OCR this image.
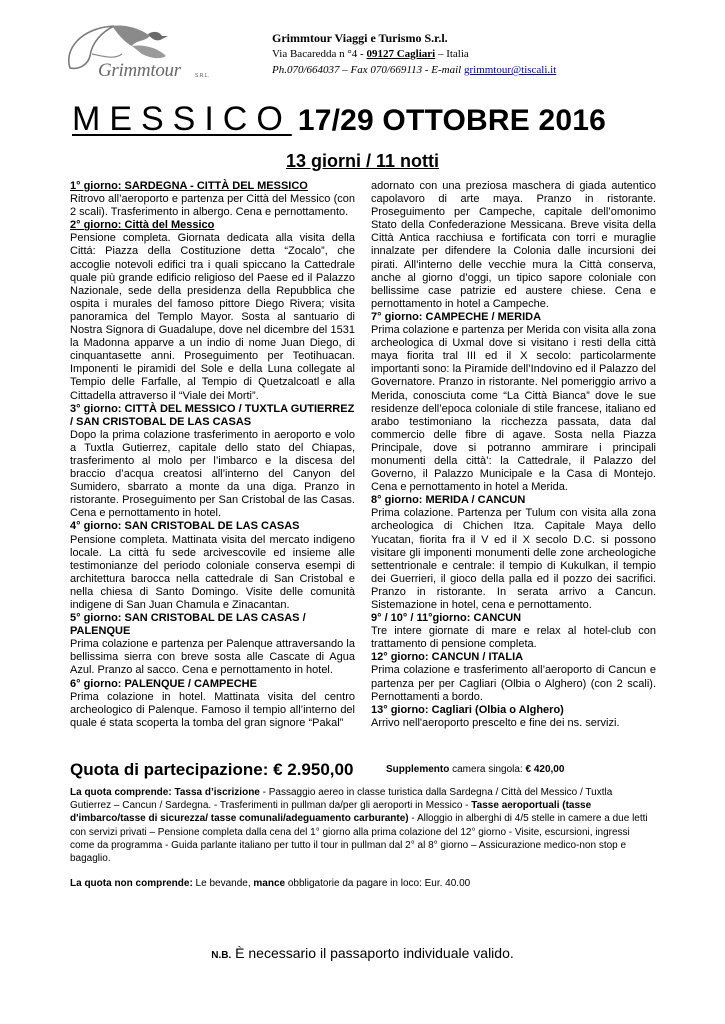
Grimmtour	S.R.L.
Grimmtour Viaggi e Turismo S.r.l.
Via Bacaredda n °4 - 09127 Cagliari – Italia
Ph.070/664037 – Fax 070/669113 - E-mail grimmtour@tiscali.it
MESSICO 17/29 OTTOBRE 2016
13 giorni / 11 notti

1° giorno: SARDEGNA - CITTÀ DEL MESSICO

Ritrovo all’aeroporto e partenza per Città del Messico (con 2 scali). Trasferimento in albergo. Cena e pernottamento.

2° giorno: Città del Messico

Pensione completa. Giornata dedicata alla visita della Cittá: Piazza della Costituzione detta “Zocalo”, che accoglie notevoli edifici tra i quali spiccano la Cattedrale quale più grande edificio religioso del Paese ed il Palazzo Nazionale, sede della presidenza della Repubblica che ospita i murales del famoso pittore Diego Rivera; visita panoramica del Templo Mayor. Sosta al santuario di Nostra Signora di Guadalupe, dove nel dicembre del 1531 la Madonna apparve a un indio di nome Juan Diego, di cinquantasette anni. Proseguimento per Teotihuacan. Imponenti le piramidi del Sole e della Luna collegate al Tempio delle Farfalle, al Tempio di Quetzalcoatl e alla Cittadella attraverso il “Viale dei Morti”.

3° giorno: CITTÀ DEL MESSICO / TUXTLA GUTIERREZ / SAN CRISTOBAL DE LAS CASAS

Dopo la prima colazione trasferimento in aeroporto e volo a Tuxtla Gutierrez, capitale dello stato del Chiapas, trasferimento al molo per l’imbarco e la discesa del braccio d’acqua creatosi all’interno del Canyon del Sumidero, sbarrato a monte da una diga. Pranzo in ristorante. Proseguimento per San Cristobal de las Casas. Cena e pernottamento in hotel.

4° giorno: SAN CRISTOBAL DE LAS CASAS

Pensione completa. Mattinata visita del mercato indigeno locale. La città fu sede arcivescovile ed insieme alle testimonianze del periodo coloniale conserva esempi di architettura barocca nella cattedrale di San Cristobal e nella chiesa di Santo Domingo. Visite delle comunità indigene di San Juan Chamula e Zinacantan.

5° giorno: SAN CRISTOBAL DE LAS CASAS / PALENQUE

Prima colazione e partenza per Palenque attraversando la bellissima sierra con breve sosta alle Cascate di Agua Azul. Pranzo al sacco. Cena e pernottamento in hotel.

6° giorno: PALENQUE / CAMPECHE

Prima colazione in hotel. Mattinata visita del centro archeologico di Palenque. Famoso il tempio all’interno del quale é stata scoperta la tomba del gran signore “Pakal”

adornato con una preziosa maschera di giada autentico capolavoro di arte maya. Pranzo in ristorante. Proseguimento per Campeche, capitale dell’omonimo Stato della Confederazione Messicana. Breve visita della Città Antica racchiusa e fortificata con torri e muraglie innalzate per difendere la Colonia dalle incursioni dei pirati. All’interno delle vecchie mura la Città conserva, anche al giorno d’oggi, un tipico sapore coloniale con bellissime case patrizie ed austere chiese. Cena e pernottamento in hotel a Campeche.

7° giorno: CAMPECHE / MERIDA

Prima colazione e partenza per Merida con visita alla zona archeologica di Uxmal dove si visitano i resti della città maya fiorita tral III ed il X secolo: particolarmente importanti sono: la Piramide dell’Indovino ed il Palazzo del Governatore. Pranzo in ristorante. Nel pomeriggio arrivo a Merida, conosciuta come “La Città Bianca” dove le sue residenze dell’epoca coloniale di stile francese, italiano ed arabo testimoniano la ricchezza passata, data dal commercio delle fibre di agave. Sosta nella Piazza Principale, dove si potranno ammirare i principali monumenti della città’: la Cattedrale, il Palazzo del Governo, il Palazzo Municipale e la Casa di Montejo. Cena e pernottamento in hotel a Merida.

8° giorno: MERIDA / CANCUN

Prima colazione. Partenza per Tulum con visita alla zona archeologica di Chichen Itza. Capitale Maya dello Yucatan, fiorita fra il V ed il X secolo D.C. si possono visitare gli imponenti monumenti delle zone archeologiche settentrionale e centrale: il tempio di Kukulkan, il tempio dei Guerrieri, il gioco della palla ed il pozzo dei sacrifici. Pranzo in ristorante. In serata arrivo a Cancun. Sistemazione in hotel, cena e pernottamento.

9° / 10° / 11°giorno: CANCUN

Tre intere giornate di mare e relax al hotel-club con trattamento di pensione completa.

12° giorno: CANCUN / ITALIA

Prima colazione e trasferimento all’aeroporto di Cancun e partenza per per Cagliari (Olbia o Alghero) (con 2 scali). Pernottamenti a bordo.

13° giorno: Cagliari (Olbia o Alghero)

Arrivo nell'aeroporto prescelto e fine dei ns. servizi.

Quota di partecipazione: € 2.950,00	Supplemento camera singola: € 420,00
La quota comprende: Tassa d’iscrizione - Passaggio aereo in classe turistica dalla Sardegna / Città del Messico / Tuxtla Gutierrez – Cancun / Sardegna. - Trasferimenti in pullman da/per gli aeroporti in Messico - Tasse aeroportuali (tasse d'imbarco/tasse di sicurezza/ tasse comunali/adeguamento carburante) - Alloggio in alberghi di 4/5 stelle in camere a due letti con servizi privati – Pensione completa dalla cena del 1° giorno alla prima colazione del 12° giorno - Visite, escursioni, ingressi come da programma - Guida parlante italiano per tutto il tour in pullman dal 2° al 8° giorno – Assicurazione medico-non stop e bagaglio.
La quota non comprende: Le bevande, mance obbligatorie da pagare in loco: Eur. 40.00
N.B. È necessario il passaporto individuale valido.
